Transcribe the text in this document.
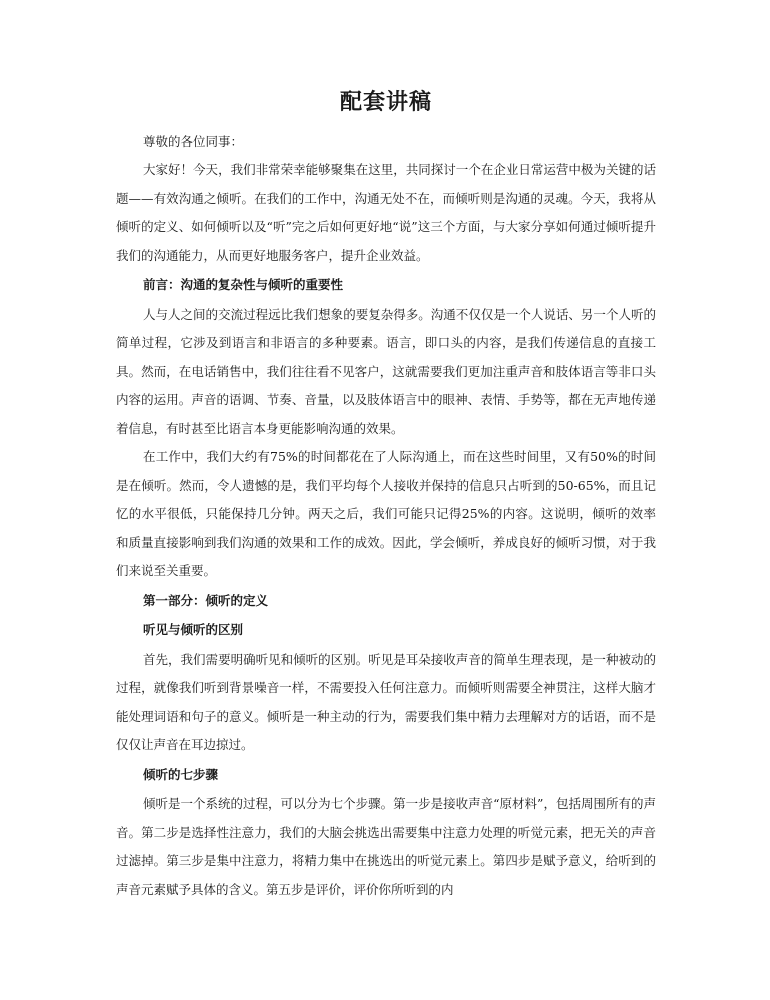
配套讲稿
尊敬的各位同事：

大家好！今天，我们非常荣幸能够聚集在这里，共同探讨一个在企业日常运营中极为关键的话题——有效沟通之倾听。在我们的工作中，沟通无处不在，而倾听则是沟通的灵魂。今天，我将从倾听的定义、如何倾听以及“听”完之后如何更好地“说”这三个方面，与大家分享如何通过倾听提升我们的沟通能力，从而更好地服务客户，提升企业效益。

前言：沟通的复杂性与倾听的重要性

人与人之间的交流过程远比我们想象的要复杂得多。沟通不仅仅是一个人说话、另一个人听的简单过程，它涉及到语言和非语言的多种要素。语言，即口头的内容，是我们传递信息的直接工具。然而，在电话销售中，我们往往看不见客户，这就需要我们更加注重声音和肢体语言等非口头内容的运用。声音的语调、节奏、音量，以及肢体语言中的眼神、表情、手势等，都在无声地传递着信息，有时甚至比语言本身更能影响沟通的效果。

在工作中，我们大约有75%的时间都花在了人际沟通上，而在这些时间里，又有50%的时间是在倾听。然而，令人遗憾的是，我们平均每个人接收并保持的信息只占听到的50-65%，而且记忆的水平很低，只能保持几分钟。两天之后，我们可能只记得25%的内容。这说明，倾听的效率和质量直接影响到我们沟通的效果和工作的成效。因此，学会倾听，养成良好的倾听习惯，对于我们来说至关重要。

第一部分：倾听的定义
听见与倾听的区别

首先，我们需要明确听见和倾听的区别。听见是耳朵接收声音的简单生理表现，是一种被动的过程，就像我们听到背景噪音一样，不需要投入任何注意力。而倾听则需要全神贯注，这样大脑才能处理词语和句子的意义。倾听是一种主动的行为，需要我们集中精力去理解对方的话语，而不是仅仅让声音在耳边掠过。

倾听的七步骤

倾听是一个系统的过程，可以分为七个步骤。第一步是接收声音“原材料”，包括周围所有的声音。第二步是选择性注意力，我们的大脑会挑选出需要集中注意力处理的听觉元素，把无关的声音过滤掉。第三步是集中注意力，将精力集中在挑选出的听觉元素上。第四步是赋予意义，给听到的声音元素赋予具体的含义。第五步是评价，评价你所听到的内
